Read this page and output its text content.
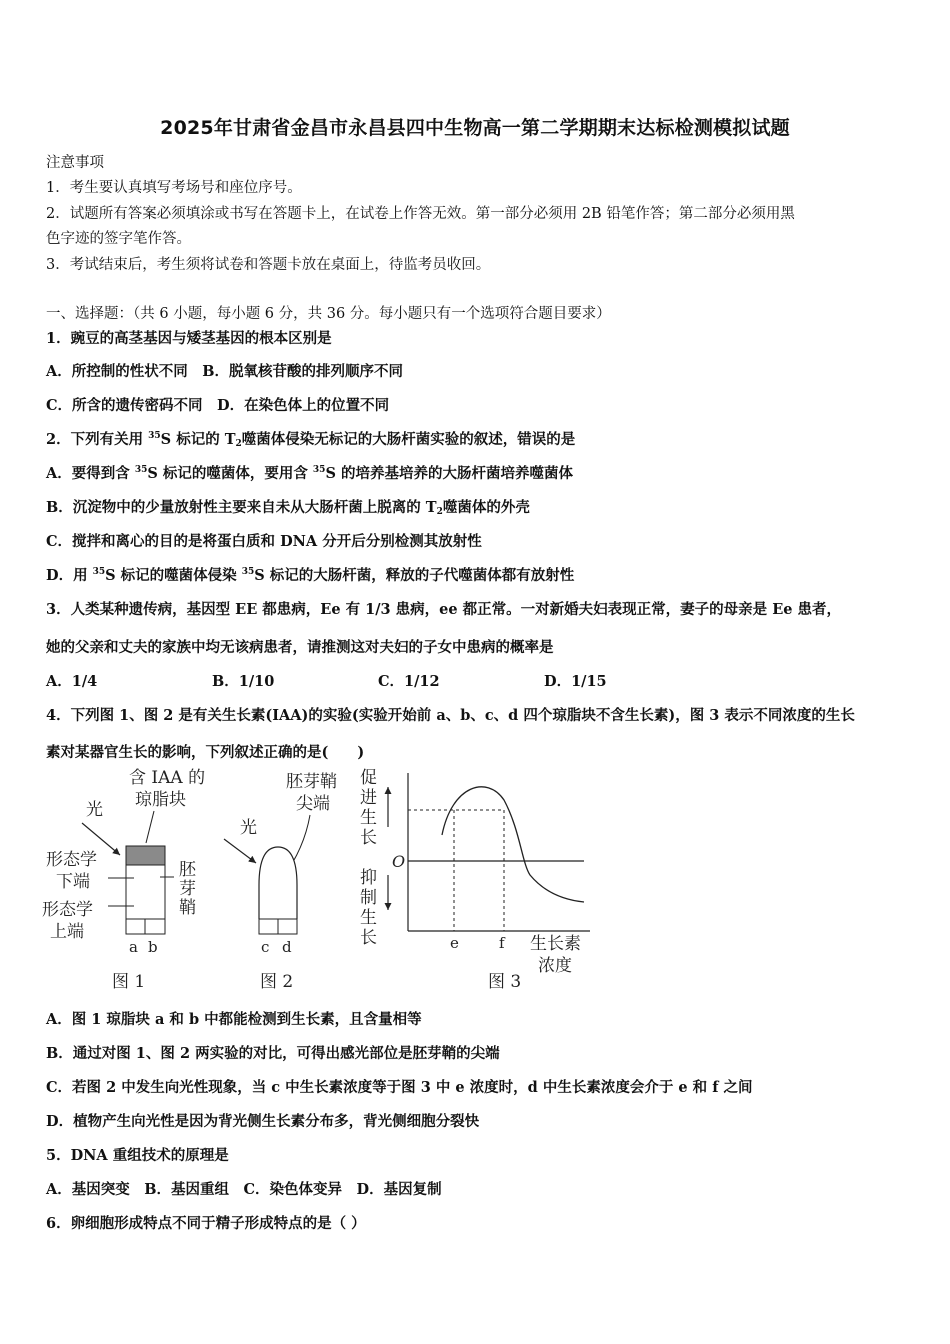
2025年甘肃省金昌市永昌县四中生物高一第二学期期末达标检测模拟试题
注意事项
1．考生要认真填写考场号和座位序号。
2．试题所有答案必须填涂或书写在答题卡上，在试卷上作答无效。第一部分必须用 2B 铅笔作答；第二部分必须用黑
色字迹的签字笔作答。
3．考试结束后，考生须将试卷和答题卡放在桌面上，待监考员收回。
一、选择题：（共 6 小题，每小题 6 分，共 36 分。每小题只有一个选项符合题目要求）
1．豌豆的高茎基因与矮茎基因的根本区别是
A．所控制的性状不同　B．脱氧核苷酸的排列顺序不同
C．所含的遗传密码不同　D．在染色体上的位置不同
2．下列有关用 $^{35}$S 标记的 $T_2$噬菌体侵染无标记的大肠杆菌实验的叙述，错误的是
A．要得到含 $^{35}$S 标记的噬菌体，要用含 $^{35}$S 的培养基培养的大肠杆菌培养噬菌体
B．沉淀物中的少量放射性主要来自未从大肠杆菌上脱离的 $T_2$噬菌体的外壳
C．搅拌和离心的目的是将蛋白质和 DNA 分开后分别检测其放射性
D．用 $^{35}$S 标记的噬菌体侵染 $^{35}$S 标记的大肠杆菌，释放的子代噬菌体都有放射性
3．人类某种遗传病，基因型 EE 都患病，Ee 有 1/3 患病，ee 都正常。一对新婚夫妇表现正常，妻子的母亲是 Ee 患者，
她的父亲和丈夫的家族中均无该病患者，请推测这对夫妇的子女中患病的概率是
A．1/4	B．1/10	C．1/12	D．1/15
4．下列图 1、图 2 是有关生长素(IAA)的实验(实验开始前 a、b、c、d 四个琼脂块不含生长素)，图 3 表示不同浓度的生长
素对某器官生长的影响，下列叙述正确的是(　　)
含 IAA 的
琼脂块
光
a b
形态学
下端
形态学
上端
胚
芽
鞘
图 1
胚芽鞘
尖端
光
c d
图 2
促
进
生
长
抑
制
生
长
O
e	f 生长素
浓度
图 3
A．图 1 琼脂块 a 和 b 中都能检测到生长素，且含量相等
B．通过对图 1、图 2 两实验的对比，可得出感光部位是胚芽鞘的尖端
C．若图 2 中发生向光性现象，当 c 中生长素浓度等于图 3 中 e 浓度时，d 中生长素浓度会介于 e 和 f 之间
D．植物产生向光性是因为背光侧生长素分布多，背光侧细胞分裂快
5．DNA 重组技术的原理是
A．基因突变　B．基因重组　C．染色体变异　D．基因复制
6．卵细胞形成特点不同于精子形成特点的是（ ）
